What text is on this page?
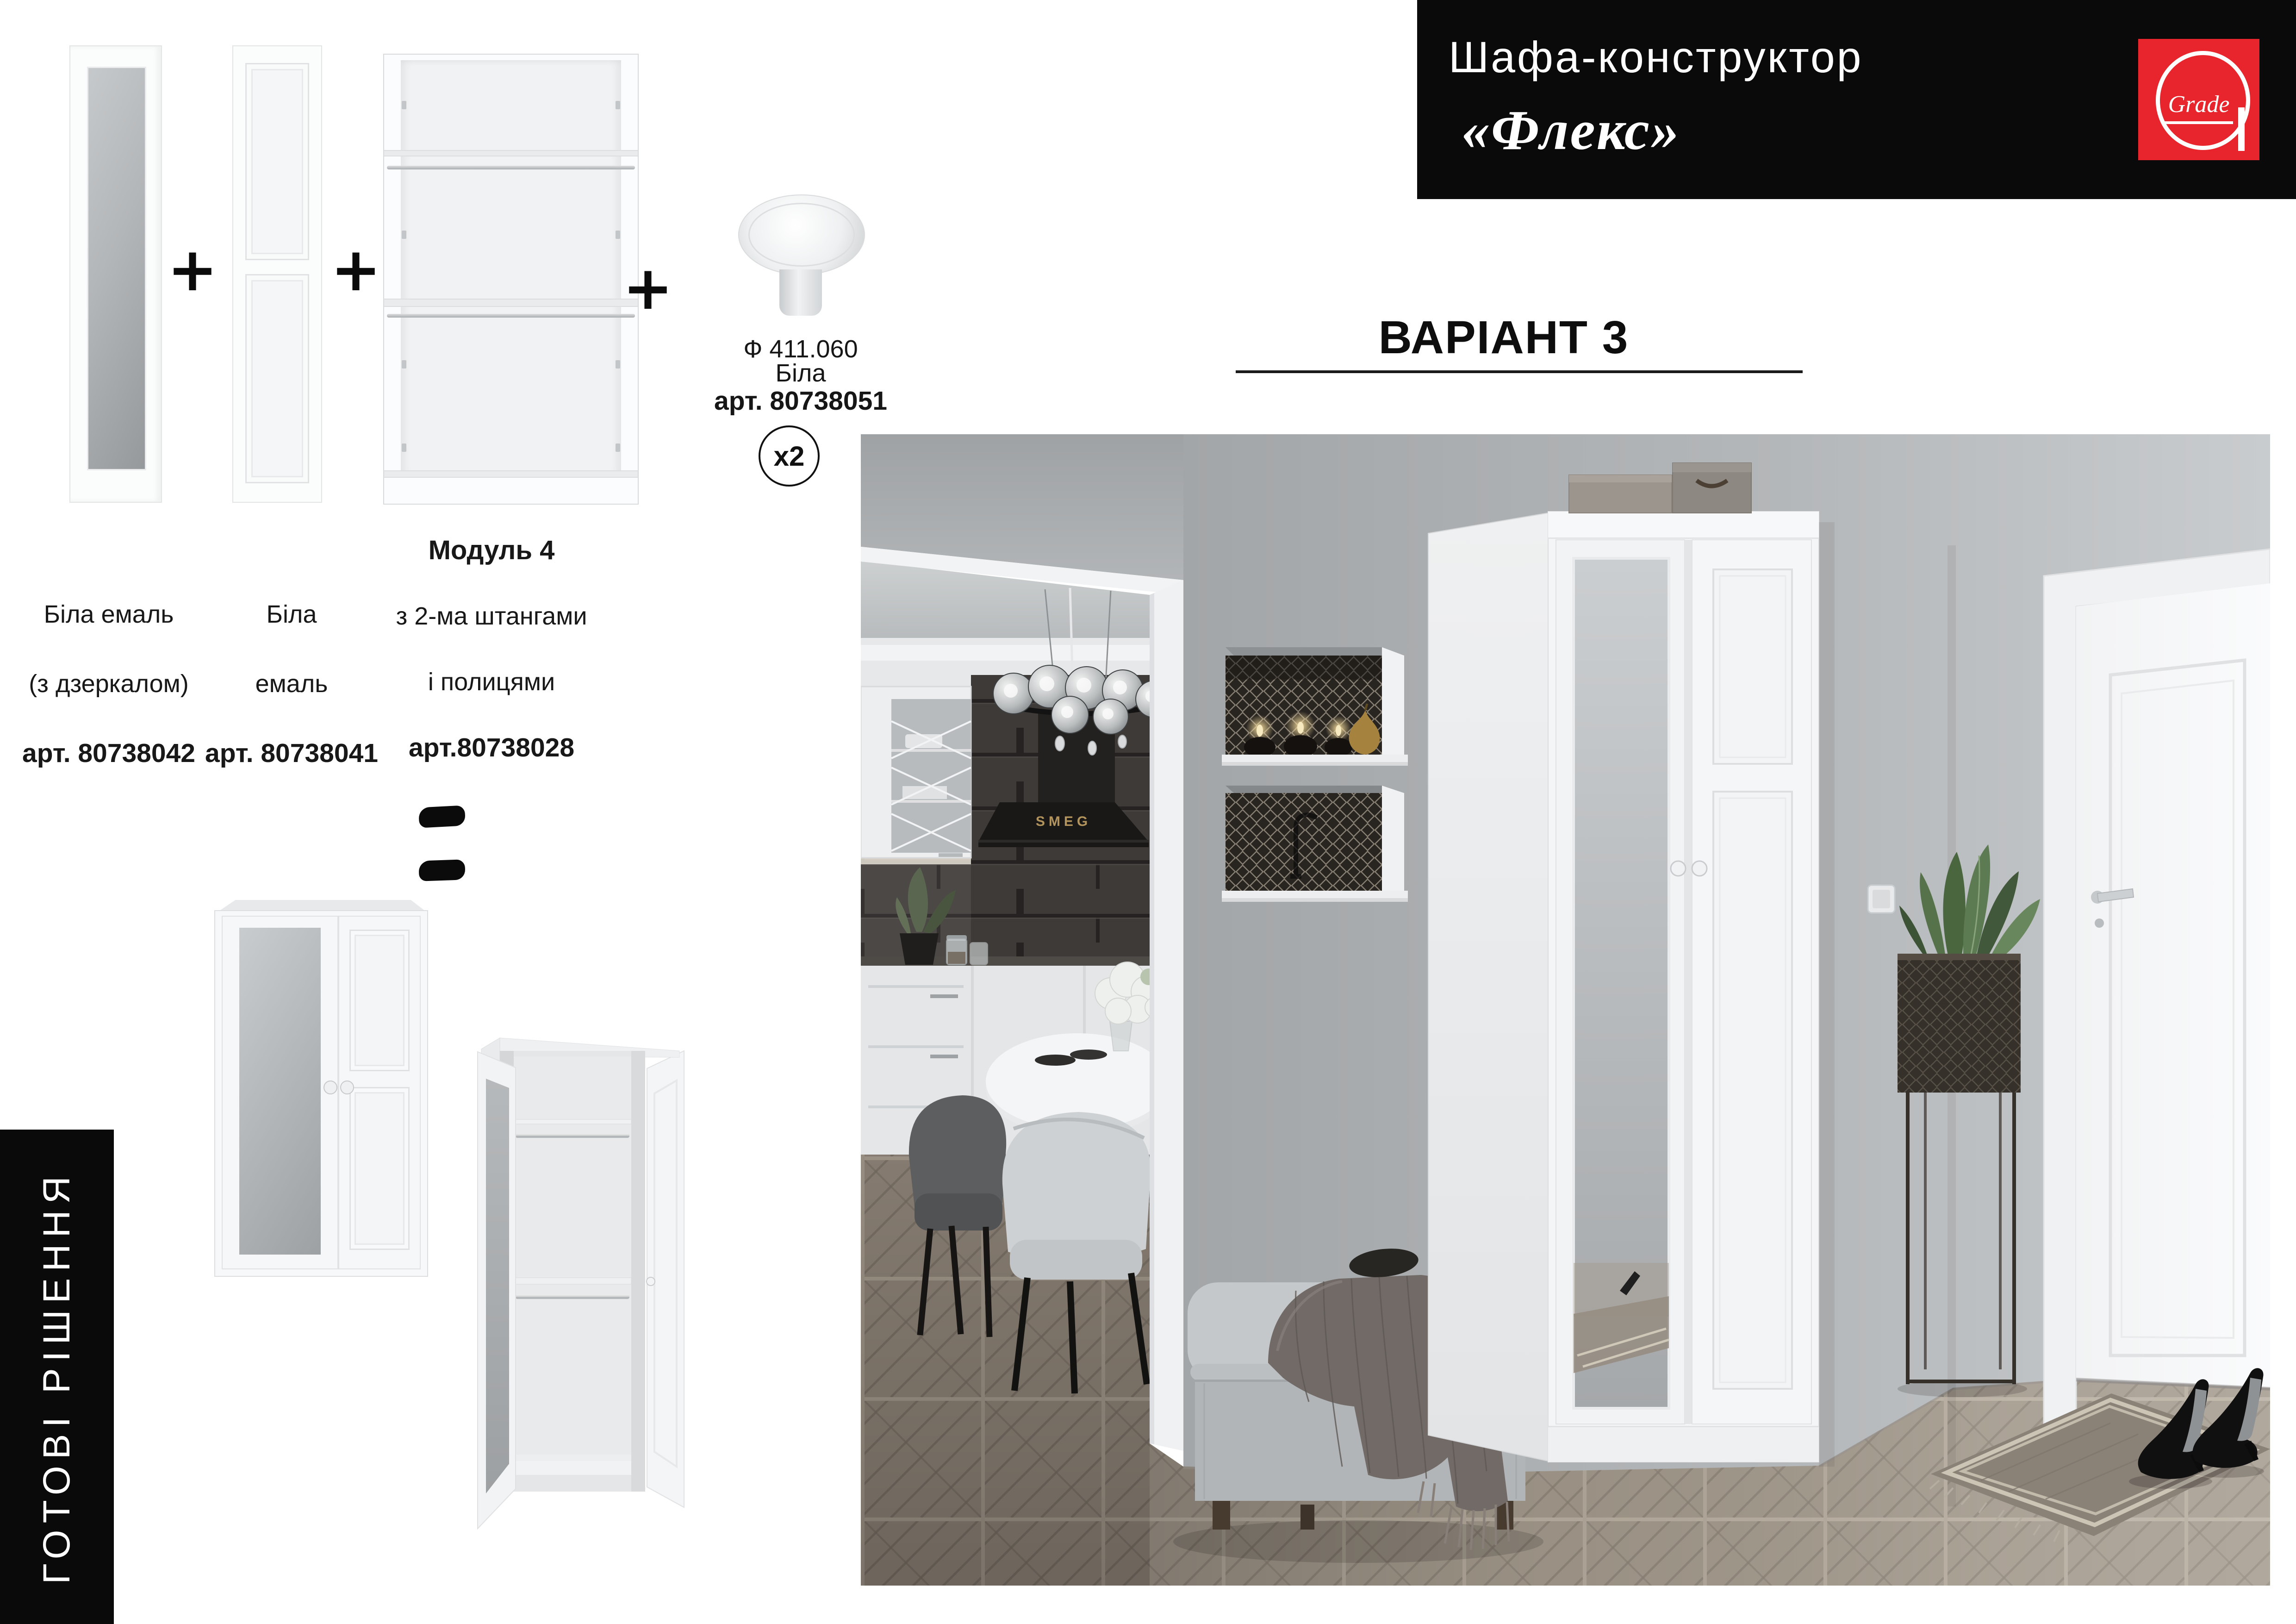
Шафа-конструктор
«Флекс»	Grade
ВАРІАНТ 3
+ +	+
Ф 411.060
Біла
арт. 80738051
x2
Біла емаль
(з дзеркалом)
арт. 80738042
Біла
емаль
арт. 80738041
Модуль 4
з 2-ма штангами
і полицями
арт.80738028
ГОТОВІ РІШЕННЯ
SMEG
